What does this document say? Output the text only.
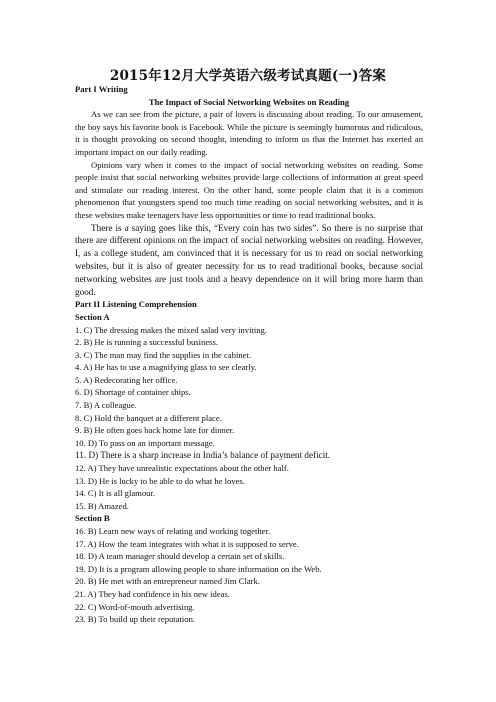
2015年12月大学英语六级考试真题(一)答案

Part I Writing

The Impact of Social Networking Websites on Reading

As we can see from the picture, a pair of lovers is discussing about reading. To our amusement, the boy says his favorite book is Facebook. While the picture is seemingly humorous and ridiculous, it is thought provoking on second thought, intending to inform us that the Internet has exerted an important impact on our daily reading.

Opinions vary when it comes to the impact of social networking websites on reading. Some people insist that social networking websites provide large collections of information at great speed and stimulate our reading interest. On the other hand, some people claim that it is a common phenomenon that youngsters spend too much time reading on social networking websites, and it is these websites make teenagers have less opportunities or time to read traditional books.

There is a saying goes like this, “Every coin has two sides”. So there is no surprise that there are different opinions on the impact of social networking websites on reading. However, I, as a college student, am convinced that it is necessary for us to read on social networking websites, but it is also of greater necessity for us to read traditional books, because social networking websites are just tools and a heavy dependence on it will bring more harm than good.

Part II Listening Comprehension

Section A

1. C) The dressing makes the mixed salad very inviting.

2. B) He is running a successful business.

3. C) The man may find the supplies in the cabinet.

4. A) He has to use a magnifying glass to see clearly.

5. A) Redecorating her office.

6. D) Shortage of container ships.

7. B) A colleague.

8. C) Hold the banquet at a different place.

9. B) He often goes back home late for dinner.

10. D) To pass on an important message.

11. D) There is a sharp increase in India’s balance of payment deficit.

12. A) They have unrealistic expectations about the other half.

13. D) He is lucky to be able to do what he loves.

14. C) It is all glamour.

15. B) Amazed.

Section B

16. B) Learn new ways of relating and working together.

17. A) How the team integrates with what it is supposed to serve.

18. D) A team manager should develop a certain set of skills.

19. D) It is a program allowing people to share information on the Web.

20. B) He met with an entrepreneur named Jim Clark.

21. A) They had confidence in his new ideas.

22. C) Word-of-mouth advertising.

23. B) To build up their reputation.
